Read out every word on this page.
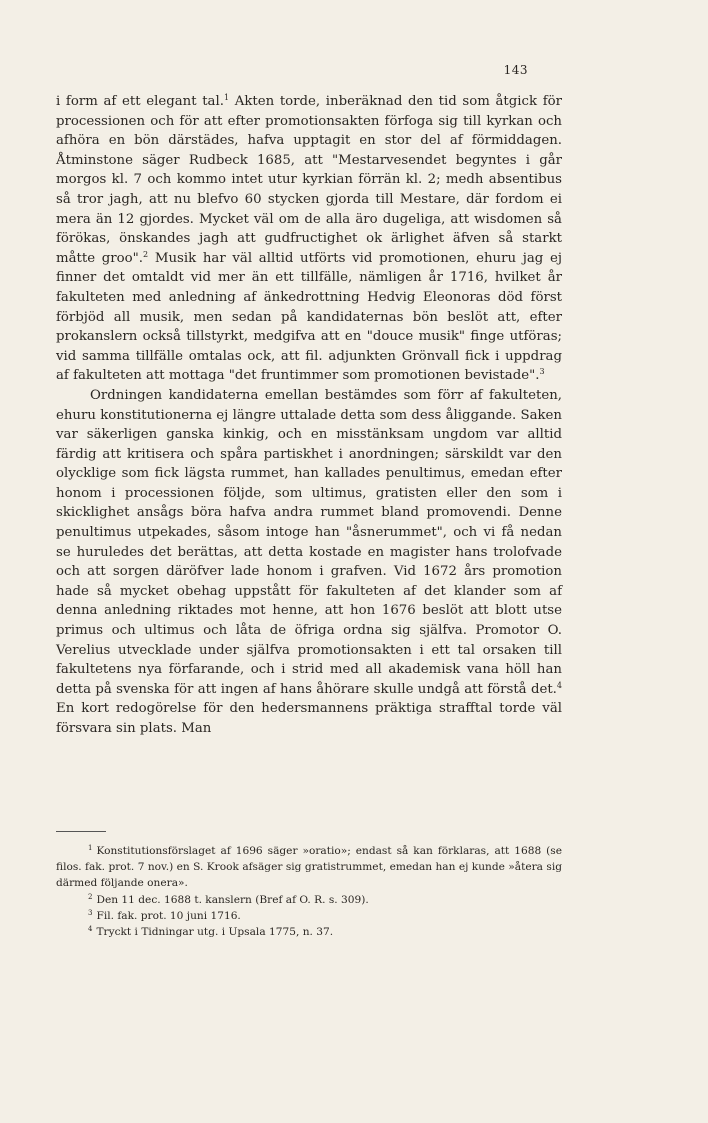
143

i form af ett elegant tal.$^1$ Akten torde, inberäknad den tid som åtgick för processionen och för att efter promotionsakten förfoga sig till kyrkan och afhöra en bön därstädes, hafva upptagit en stor del af förmiddagen. Åtminstone säger Rudbeck 1685, att "Mestarvesendet begyntes i går morgos kl. 7 och kommo intet utur kyrkian förrän kl. 2; medh absentibus så tror jagh, att nu blefvo 60 stycken gjorda till Mestare, där fordom ei mera än 12 gjordes. Mycket väl om de alla äro dugeliga, att wisdomen så förökas, önskandes jagh att gudfructighet ok ärlighet äfven så starkt måtte groo".$^2$ Musik har väl alltid utförts vid promotionen, ehuru jag ej finner det omtaldt vid mer än ett tillfälle, nämligen år 1716, hvilket år fakulteten med anledning af änkedrottning Hedvig Eleonoras död först förbjöd all musik, men sedan på kandidaternas bön beslöt att, efter prokanslern också tillstyrkt, medgifva att en "douce musik" finge utföras; vid samma tillfälle omtalas ock, att fil. adjunkten Grönvall fick i uppdrag af fakulteten att mottaga "det fruntimmer som promotionen bevistade".$^3$

Ordningen kandidaterna emellan bestämdes som förr af fakulteten, ehuru konstitutionerna ej längre uttalade detta som dess åliggande. Saken var säkerligen ganska kinkig, och en misstänksam ungdom var alltid färdig att kritisera och spåra partiskhet i anordningen; särskildt var den olycklige som fick lägsta rummet, han kallades penultimus, emedan efter honom i processionen följde, som ultimus, gratisten eller den som i skicklighet ansågs böra hafva andra rummet bland promovendi. Denne penultimus utpekades, såsom intoge han "åsnerummet", och vi få nedan se huruledes det berättas, att detta kostade en magister hans trolofvade och att sorgen däröfver lade honom i grafven. Vid 1672 års promotion hade så mycket obehag uppstått för fakulteten af det klander som af denna anledning riktades mot henne, att hon 1676 beslöt att blott utse primus och ultimus och låta de öfriga ordna sig själfva. Promotor O. Verelius utvecklade under själfva promotionsakten i ett tal orsaken till fakultetens nya förfarande, och i strid med all akademisk vana höll han detta på svenska för att ingen af hans åhörare skulle undgå att förstå det.$^4$ En kort redogörelse för den hedersmannens präktiga strafftal torde väl försvara sin plats. Man

$^1$ Konstitutionsförslaget af 1696 säger »oratio»; endast så kan förklaras, att 1688 (se filos. fak. prot. 7 nov.) en S. Krook afsäger sig gratistrummet, emedan han ej kunde »återa sig därmed följande onera».

$^2$ Den 11 dec. 1688 t. kanslern (Bref af O. R. s. 309).

$^3$ Fil. fak. prot. 10 juni 1716.

$^4$ Tryckt i Tidningar utg. i Upsala 1775, n. 37.
